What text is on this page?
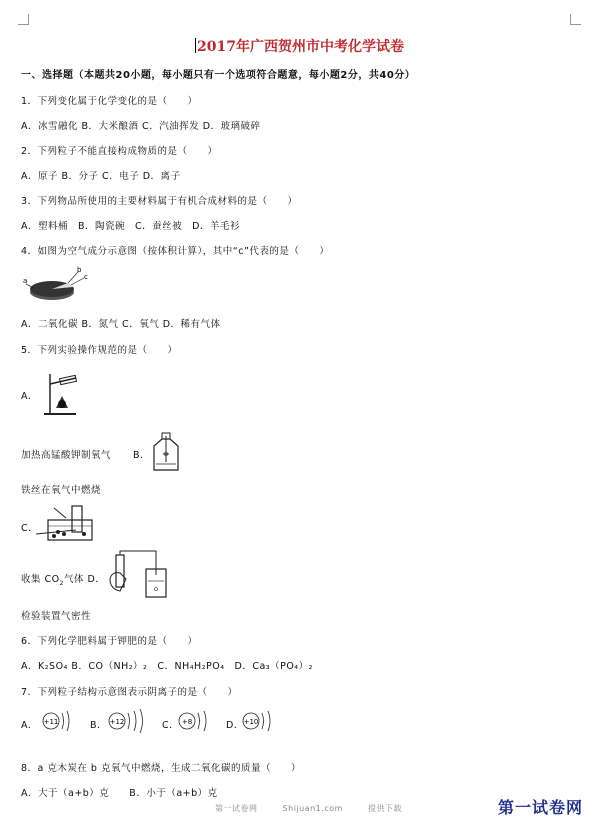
2017年广西贺州市中考化学试卷
一、选择题（本题共20小题，每小题只有一个选项符合题意，每小题2分，共40分）
1．下列变化属于化学变化的是（　　）
A．冰雪融化 B．大米酿酒 C．汽油挥发 D．玻璃破碎
2．下列粒子不能直接构成物质的是（　　）
A．原子 B．分子 C．电子 D．离子
3．下列物品所使用的主要材料属于有机合成材料的是（　　）
A．塑料桶　B．陶瓷碗　C．蚕丝被　D．羊毛衫
4．如图为空气成分示意图（按体积计算），其中“c”代表的是（　　）
a
b
c
A．二氧化碳 B．氮气 C．氧气 D．稀有气体
5．下列实验操作规范的是（　　）
A．
加热高锰酸钾制氧气 B．
铁丝在氧气中燃烧
C．
收集 $CO_2$气体 D．
检验装置气密性
6．下列化学肥料属于钾肥的是（　　）
A．K₂SO₄ B．CO（NH₂）₂　C．NH₄H₂PO₄　D．Ca₃（PO₄）₂
7．下列粒子结构示意图表示阴离子的是（　　）
A． +11	B． +12	C． +8	D． +10
8．a 克木炭在 b 克氧气中燃烧，生成二氧化碳的质量（　　）
A．大于（a+b）克　　B．小于（a+b）克
第一试卷网	Shijuan1.com	提供下载	第一试卷网
